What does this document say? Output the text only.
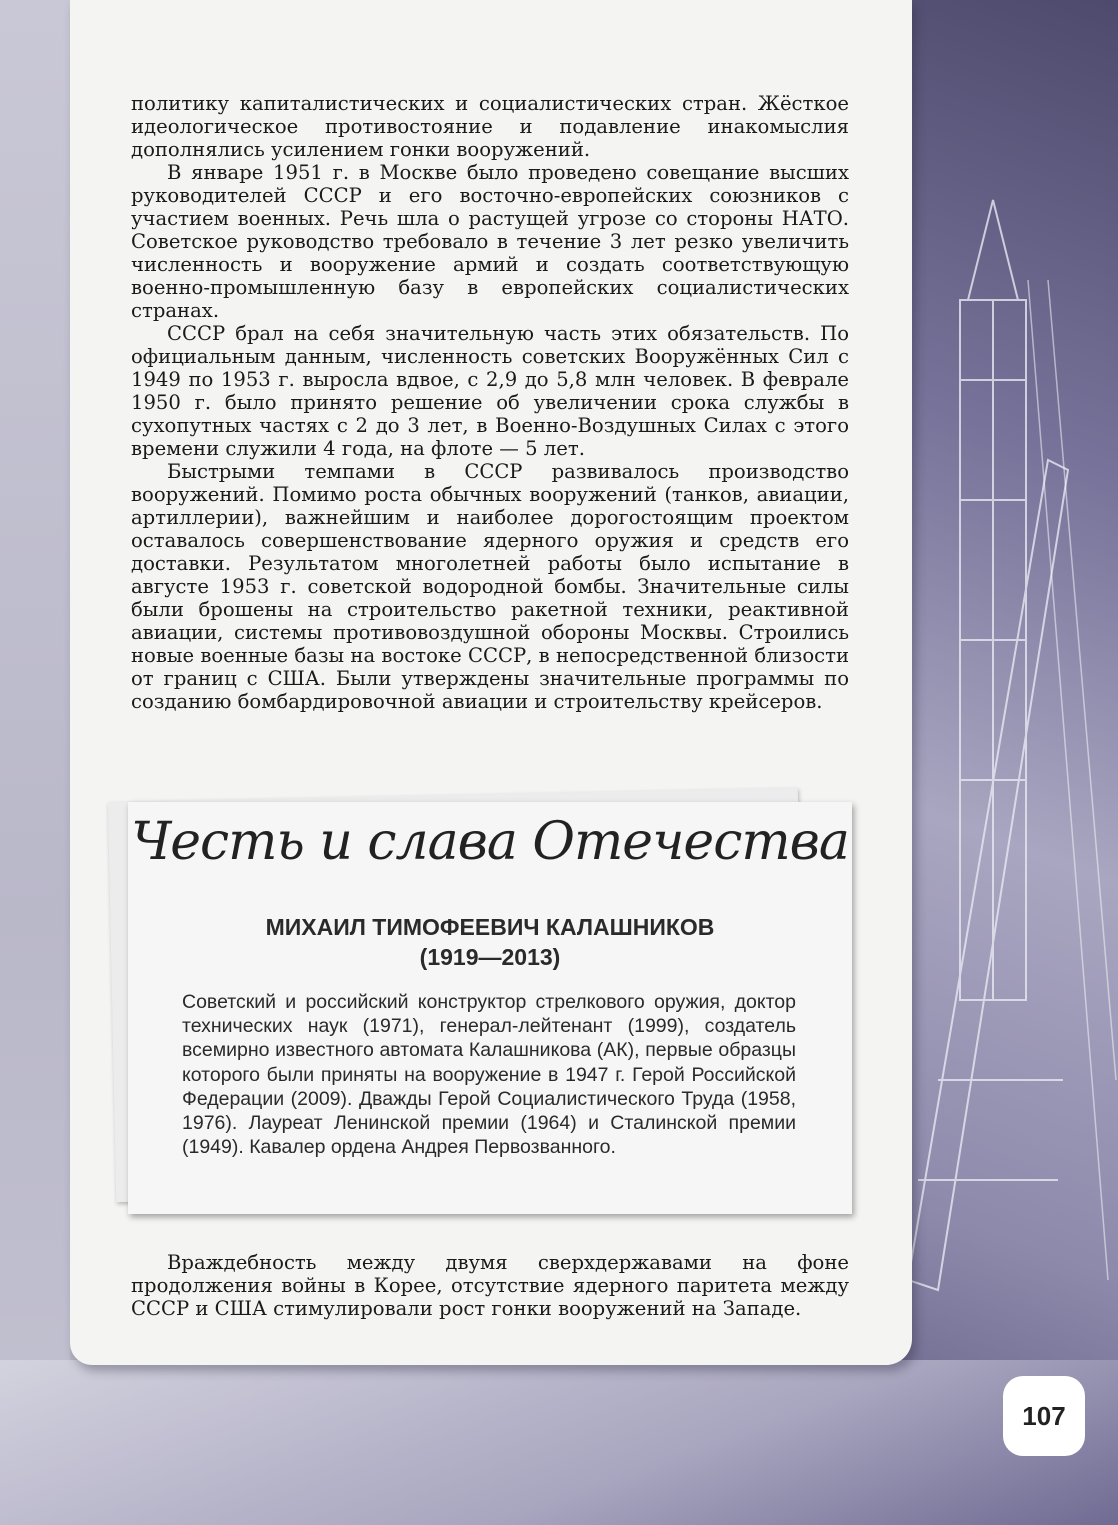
политику капиталистических и социалистических стран. Жёсткое идеологическое противостояние и подавление инакомыслия дополнялись усилением гонки вооружений.

В январе 1951 г. в Москве было проведено совещание высших руководителей СССР и его восточно-европейских союзников с участием военных. Речь шла о растущей угрозе со стороны НАТО. Советское руководство требовало в течение 3 лет резко увеличить численность и вооружение армий и создать соответствующую военно-промышленную базу в европейских социалистических странах.

СССР брал на себя значительную часть этих обязательств. По официальным данным, численность советских Вооружённых Сил с 1949 по 1953 г. выросла вдвое, с 2,9 до 5,8 млн человек. В феврале 1950 г. было принято решение об увеличении срока службы в сухопутных частях с 2 до 3 лет, в Военно-Воздушных Силах с этого времени служили 4 года, на флоте — 5 лет.

Быстрыми темпами в СССР развивалось производство вооружений. Помимо роста обычных вооружений (танков, авиации, артиллерии), важнейшим и наиболее дорогостоящим проектом оставалось совершенствование ядерного оружия и средств его доставки. Результатом многолетней работы было испытание в августе 1953 г. советской водородной бомбы. Значительные силы были брошены на строительство ракетной техники, реактивной авиации, системы противовоздушной обороны Москвы. Строились новые военные базы на востоке СССР, в непосредственной близости от границ с США. Были утверждены значительные программы по созданию бомбардировочной авиации и строительству крейсеров.

Честь и слава Отечества
МИХАИЛ ТИМОФЕЕВИЧ КАЛАШНИКОВ
(1919—2013)
Советский и российский конструктор стрелкового оружия, доктор технических наук (1971), генерал-лейтенант (1999), создатель всемирно известного автомата Калашникова (АК), первые образцы которого были приняты на вооружение в 1947 г. Герой Российской Федерации (2009). Дважды Герой Социалистического Труда (1958, 1976). Лауреат Ленинской премии (1964) и Сталинской премии (1949). Кавалер ордена Андрея Первозванного.
Враждебность между двумя сверхдержавами на фоне продолжения войны в Корее, отсутствие ядерного паритета между СССР и США стимулировали рост гонки вооружений на Западе.
107
